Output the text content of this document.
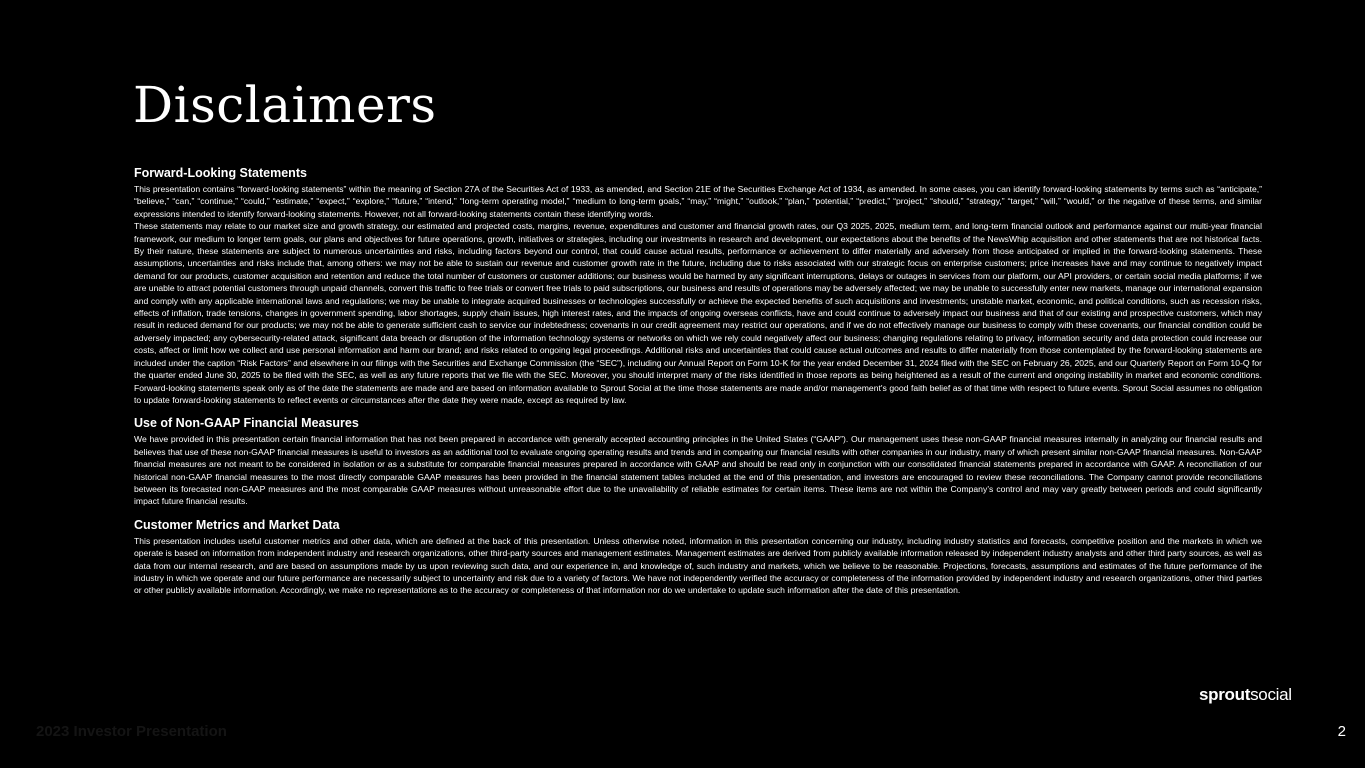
Disclaimers
Forward-Looking Statements

This presentation contains “forward-looking statements” within the meaning of Section 27A of the Securities Act of 1933, as amended, and Section 21E of the Securities Exchange Act of 1934, as amended. In some cases, you can identify forward-looking statements by terms such as “anticipate,” “believe,” “can,” “continue,” “could,” “estimate,” “expect,” “explore,” “future,” “intend,” “long-term operating model,” “medium to long-term goals,” “may,” “might,” “outlook,” “plan,” “potential,” “predict,” “project,” “should,” “strategy,” “target,” “will,” “would,” or the negative of these terms, and similar expressions intended to identify forward-looking statements. However, not all forward-looking statements contain these identifying words.
These statements may relate to our market size and growth strategy, our estimated and projected costs, margins, revenue, expenditures and customer and financial growth rates, our Q3 2025, 2025, medium term, and long-term financial outlook and performance against our multi-year financial framework, our medium to longer term goals, our plans and objectives for future operations, growth, initiatives or strategies, including our investments in research and development, our expectations about the benefits of the NewsWhip acquisition and other statements that are not historical facts. By their nature, these statements are subject to numerous uncertainties and risks, including factors beyond our control, that could cause actual results, performance or achievement to differ materially and adversely from those anticipated or implied in the forward-looking statements. These assumptions, uncertainties and risks include that, among others: we may not be able to sustain our revenue and customer growth rate in the future, including due to risks associated with our strategic focus on enterprise customers; price increases have and may continue to negatively impact demand for our products, customer acquisition and retention and reduce the total number of customers or customer additions; our business would be harmed by any significant interruptions, delays or outages in services from our platform, our API providers, or certain social media platforms; if we are unable to attract potential customers through unpaid channels, convert this traffic to free trials or convert free trials to paid subscriptions, our business and results of operations may be adversely affected; we may be unable to successfully enter new markets, manage our international expansion and comply with any applicable international laws and regulations; we may be unable to integrate acquired businesses or technologies successfully or achieve the expected benefits of such acquisitions and investments; unstable market, economic, and political conditions, such as recession risks, effects of inflation, trade tensions, changes in government spending, labor shortages, supply chain issues, high interest rates, and the impacts of ongoing overseas conflicts, have and could continue to adversely impact our business and that of our existing and prospective customers, which may result in reduced demand for our products; we may not be able to generate sufficient cash to service our indebtedness; covenants in our credit agreement may restrict our operations, and if we do not effectively manage our business to comply with these covenants, our financial condition could be adversely impacted; any cybersecurity-related attack, significant data breach or disruption of the information technology systems or networks on which we rely could negatively affect our business; changing regulations relating to privacy, information security and data protection could increase our costs, affect or limit how we collect and use personal information and harm our brand; and risks related to ongoing legal proceedings. Additional risks and uncertainties that could cause actual outcomes and results to differ materially from those contemplated by the forward-looking statements are included under the caption “Risk Factors” and elsewhere in our filings with the Securities and Exchange Commission (the “SEC”), including our Annual Report on Form 10-K for the year ended December 31, 2024 filed with the SEC on February 26, 2025, and our Quarterly Report on Form 10-Q for the quarter ended June 30, 2025 to be filed with the SEC, as well as any future reports that we file with the SEC. Moreover, you should interpret many of the risks identified in those reports as being heightened as a result of the current and ongoing instability in market and economic conditions. Forward-looking statements speak only as of the date the statements are made and are based on information available to Sprout Social at the time those statements are made and/or management's good faith belief as of that time with respect to future events. Sprout Social assumes no obligation to update forward-looking statements to reflect events or circumstances after the date they were made, except as required by law.

Use of Non-GAAP Financial Measures

We have provided in this presentation certain financial information that has not been prepared in accordance with generally accepted accounting principles in the United States (“GAAP”). Our management uses these non-GAAP financial measures internally in analyzing our financial results and believes that use of these non-GAAP financial measures is useful to investors as an additional tool to evaluate ongoing operating results and trends and in comparing our financial results with other companies in our industry, many of which present similar non-GAAP financial measures. Non-GAAP financial measures are not meant to be considered in isolation or as a substitute for comparable financial measures prepared in accordance with GAAP and should be read only in conjunction with our consolidated financial statements prepared in accordance with GAAP. A reconciliation of our historical non-GAAP financial measures to the most directly comparable GAAP measures has been provided in the financial statement tables included at the end of this presentation, and investors are encouraged to review these reconciliations. The Company cannot provide reconciliations between its forecasted non-GAAP measures and the most comparable GAAP measures without unreasonable effort due to the unavailability of reliable estimates for certain items. These items are not within the Company’s control and may vary greatly between periods and could significantly impact future financial results.

Customer Metrics and Market Data

This presentation includes useful customer metrics and other data, which are defined at the back of this presentation. Unless otherwise noted, information in this presentation concerning our industry, including industry statistics and forecasts, competitive position and the markets in which we operate is based on information from independent industry and research organizations, other third-party sources and management estimates. Management estimates are derived from publicly available information released by independent industry analysts and other third party sources, as well as data from our internal research, and are based on assumptions made by us upon reviewing such data, and our experience in, and knowledge of, such industry and markets, which we believe to be reasonable. Projections, forecasts, assumptions and estimates of the future performance of the industry in which we operate and our future performance are necessarily subject to uncertainty and risk due to a variety of factors. We have not independently verified the accuracy or completeness of the information provided by independent industry and research organizations, other third parties or other publicly available information. Accordingly, we make no representations as to the accuracy or completeness of that information nor do we undertake to update such information after the date of this presentation.

sproutsocial
2023 Investor Presentation	2
